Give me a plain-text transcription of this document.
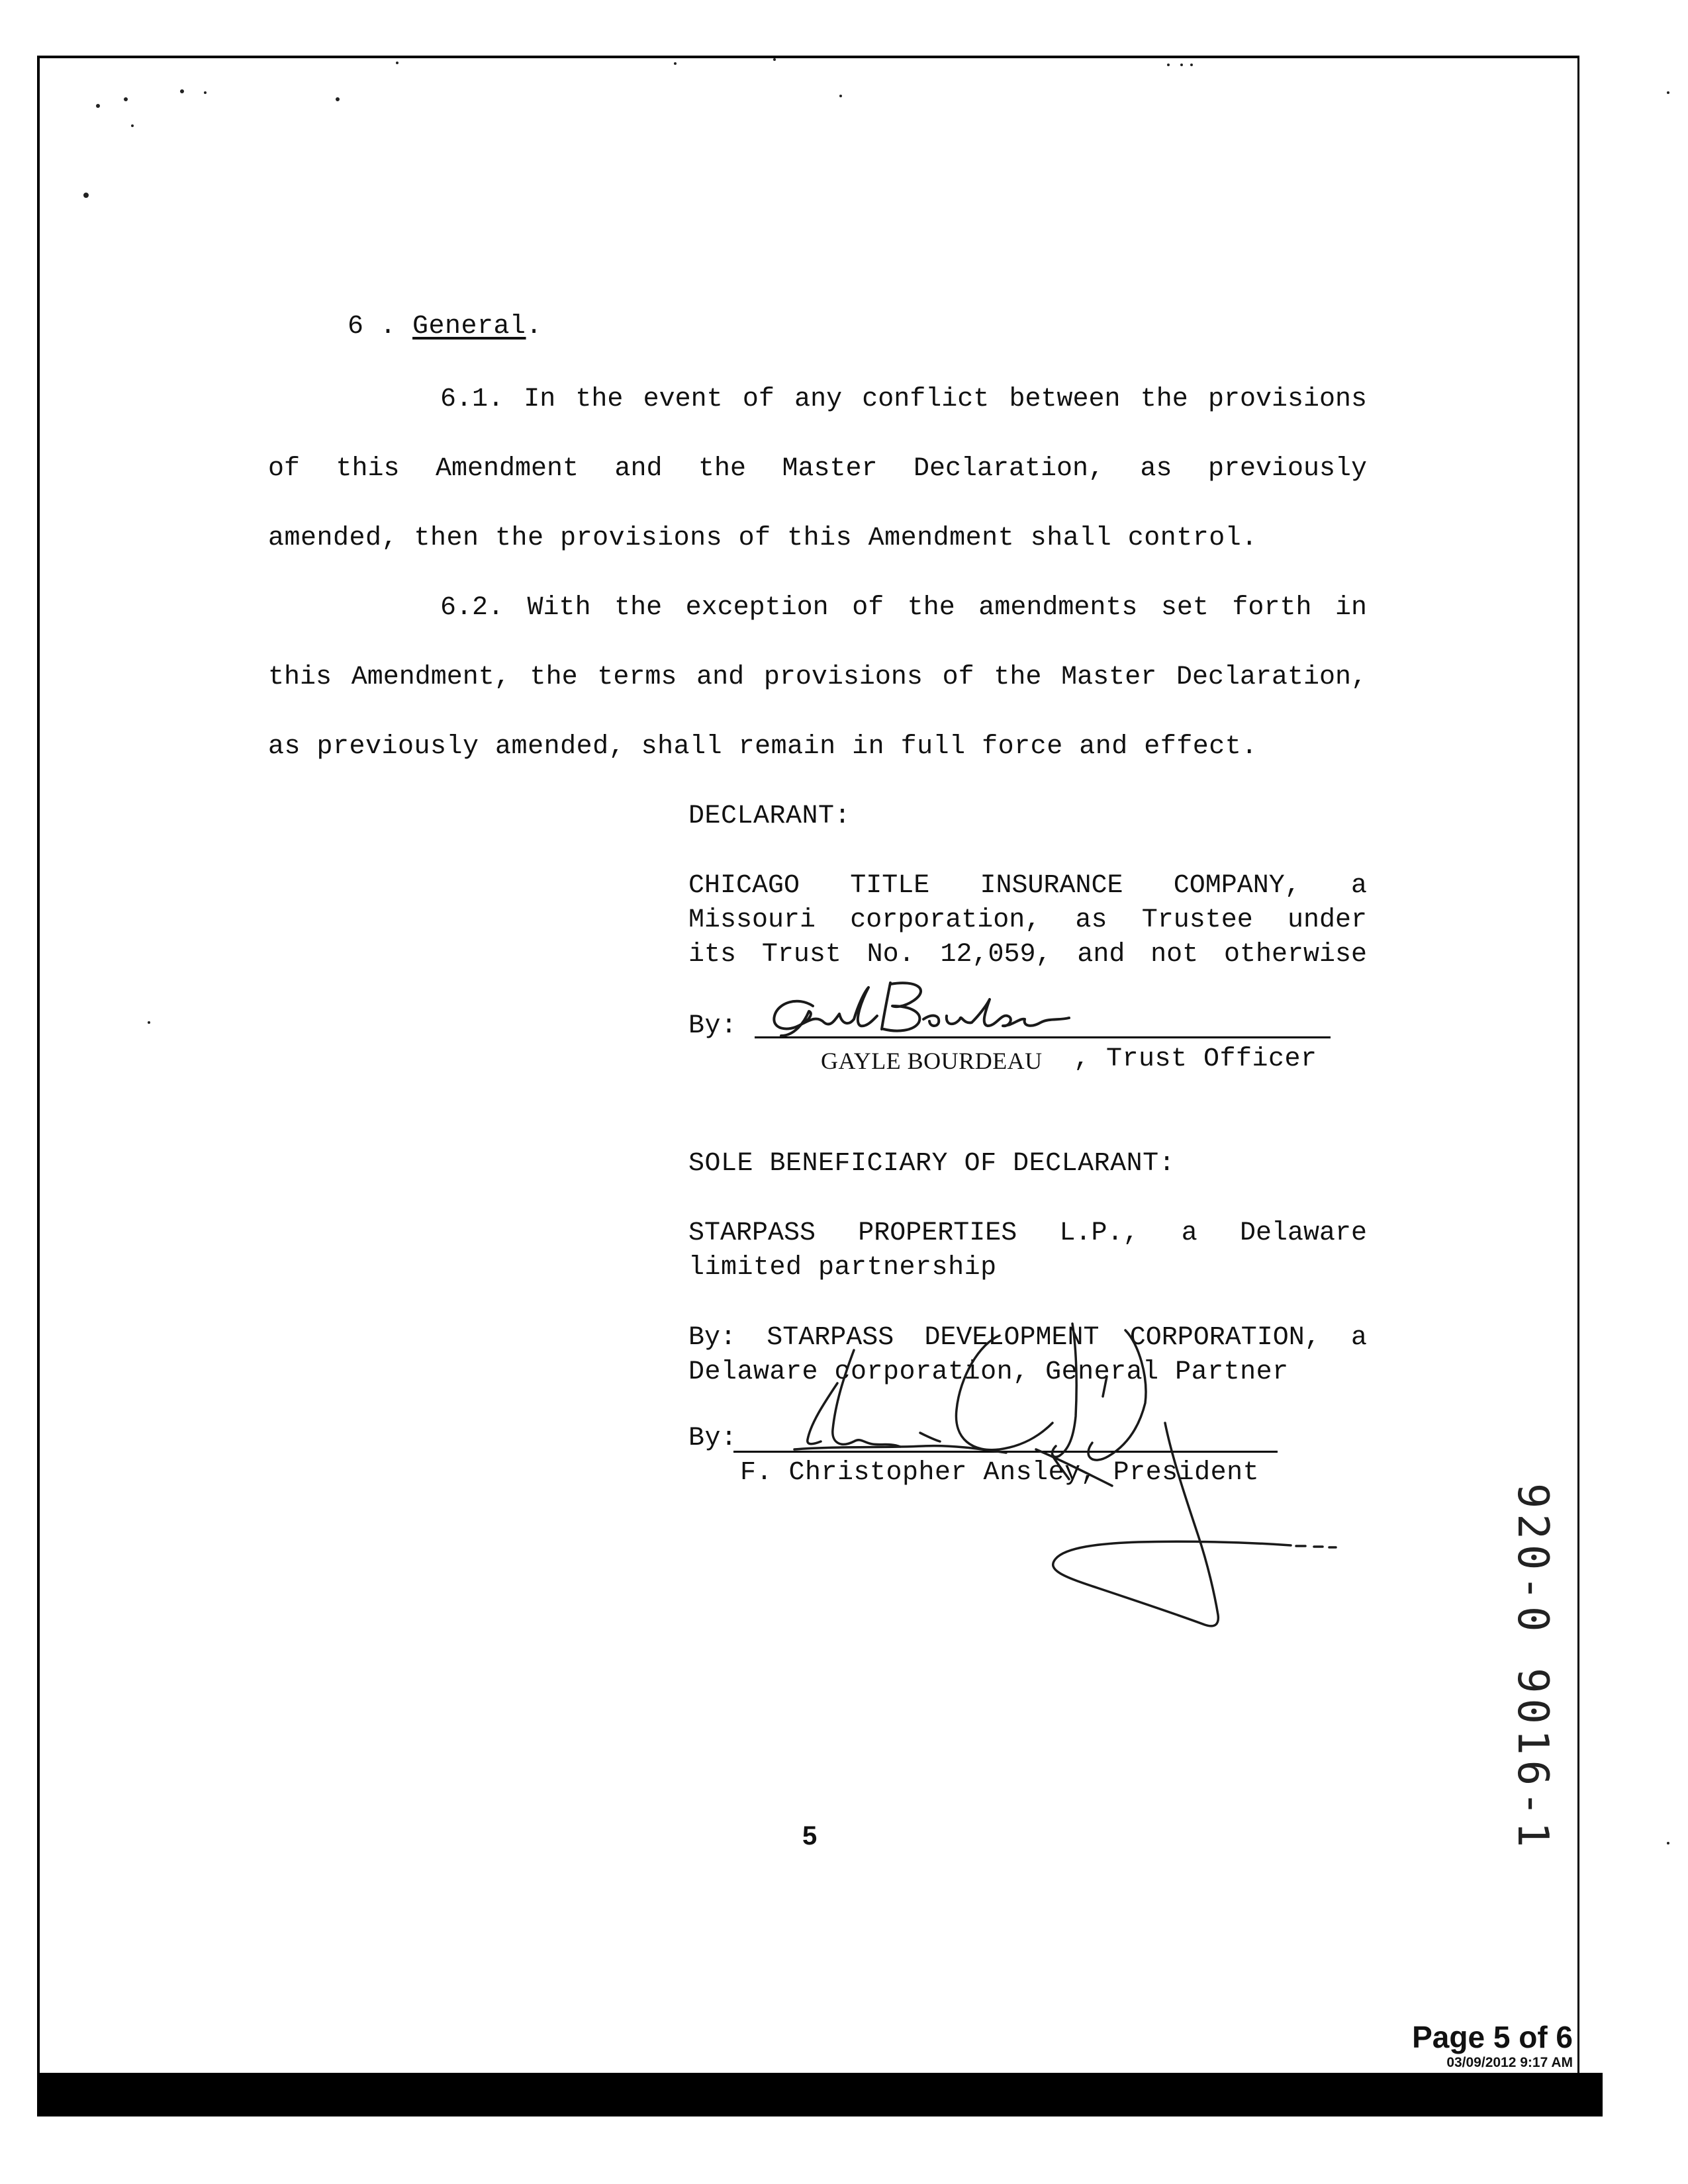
6 . General.
6.1. In the event of any conflict between the provisions
of this Amendment and the Master Declaration, as previously
amended, then the provisions of this Amendment shall control.
6.2. With the exception of the amendments set forth in
this Amendment, the terms and provisions of the Master Declaration,
as previously amended, shall remain in full force and effect.
DECLARANT:
CHICAGO TITLE INSURANCE COMPANY, a
Missouri corporation, as Trustee under
its Trust No. 12,059, and not otherwise
By:
GAYLE BOURDEAU , Trust Officer
SOLE BENEFICIARY OF DECLARANT:
STARPASS PROPERTIES L.P., a Delaware
limited partnership
By: STARPASS DEVELOPMENT CORPORATION, a
Delaware corporation, General Partner
By:
F. Christopher Ansley, President
5	920-0 9016-1
Page 5 of 6
03/09/2012 9:17 AM
